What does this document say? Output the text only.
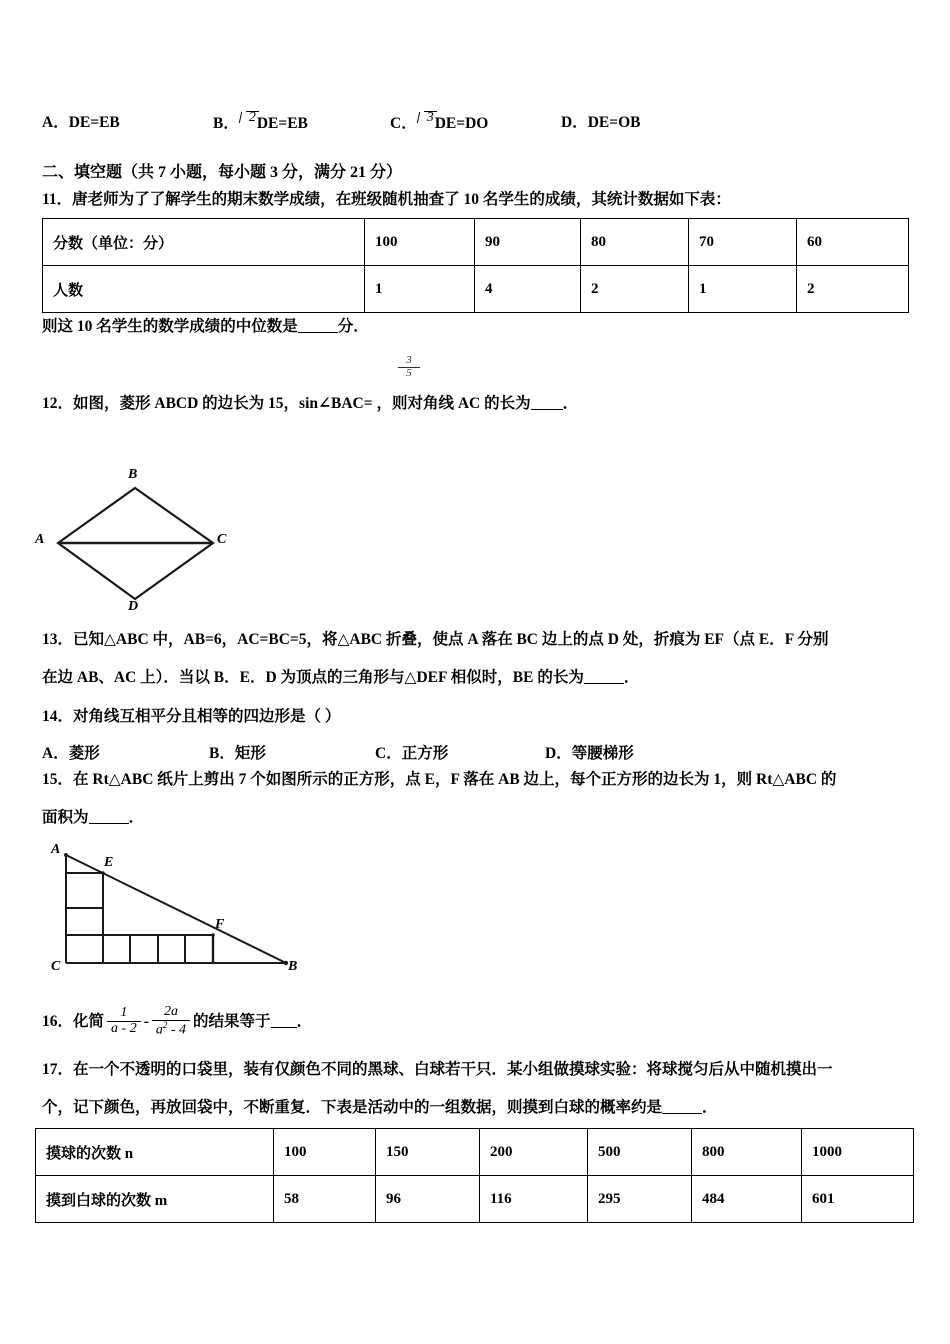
A．DE=EB	B． 2DE=EB	C． 3DE=DO	D．DE=OB
二、填空题（共 7 小题，每小题 3 分，满分 21 分）
11．唐老师为了了解学生的期末数学成绩，在班级随机抽查了 10 名学生的成绩，其统计数据如下表：
分数（单位：分）	100	90	80	70	60
人数	1	4	2	1	2
则这 10 名学生的数学成绩的中位数是	分．
$\frac{3}{5}$
12．如图，菱形 ABCD 的边长为 15，sin∠BAC= ，则对角线 AC 的长为 ．
A
B
C
D
13．已知△ABC 中，AB=6，AC=BC=5，将△ABC 折叠，使点 A 落在 BC 边上的点 D 处，折痕为 EF（点 E．F 分别
在边 AB、AC 上）．当以 B．E．D 为顶点的三角形与△DEF 相似时，BE 的长为	．
14．对角线互相平分且相等的四边形是（ ）
A．菱形	B．矩形	C．正方形	D．等腰梯形
15．在 Rt△ABC 纸片上剪出 7 个如图所示的正方形，点 E，F 落在 AB 边上，每个正方形的边长为 1，则 Rt△ABC 的
面积为	．
A
C	B
E
F
16．化简 $\frac{1}{a - 2} - \frac{2a}{a^2 - 4}$ 的结果等于 ．
17．在一个不透明的口袋里，装有仅颜色不同的黑球、白球若干只．某小组做摸球实验：将球搅匀后从中随机摸出一
个，记下颜色，再放回袋中，不断重复．下表是活动中的一组数据，则摸到白球的概率约是	．
摸球的次数 n	100	150	200	500	800	1000
摸到白球的次数 m	58	96	116	295	484	601
